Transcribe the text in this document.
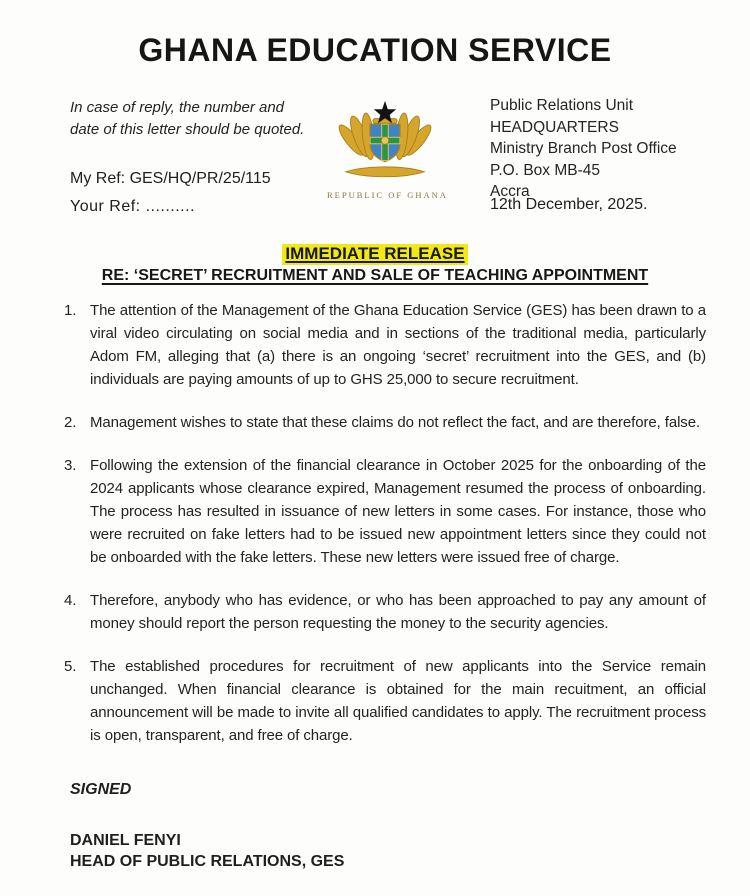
GHANA EDUCATION SERVICE
In case of reply, the number and
date of this letter should be quoted.
REPUBLIC OF GHANA
Public Relations Unit
HEADQUARTERS
Ministry Branch Post Office
P.O. Box MB-45
Accra
My Ref: GES/HQ/PR/25/115
Your Ref: ..........	12th December, 2025.
IMMEDIATE RELEASE
RE: ‘SECRET’ RECRUITMENT AND SALE OF TEACHING APPOINTMENT
1. The attention of the Management of the Ghana Education Service (GES) has been drawn to a viral video circulating on social media and in sections of the traditional media, particularly Adom FM, alleging that (a) there is an ongoing ‘secret’ recruitment into the GES, and (b) individuals are paying amounts of up to GHS 25,000 to secure recruitment.
2. Management wishes to state that these claims do not reflect the fact, and are therefore, false.
3. Following the extension of the financial clearance in October 2025 for the onboarding of the 2024 applicants whose clearance expired, Management resumed the process of onboarding. The process has resulted in issuance of new letters in some cases. For instance, those who were recruited on fake letters had to be issued new appointment letters since they could not be onboarded with the fake letters. These new letters were issued free of charge.
4. Therefore, anybody who has evidence, or who has been approached to pay any amount of money should report the person requesting the money to the security agencies.
5. The established procedures for recruitment of new applicants into the Service remain unchanged. When financial clearance is obtained for the main recuitment, an official announcement will be made to invite all qualified candidates to apply. The recruitment process is open, transparent, and free of charge.
SIGNED
DANIEL FENYI
HEAD OF PUBLIC RELATIONS, GES
